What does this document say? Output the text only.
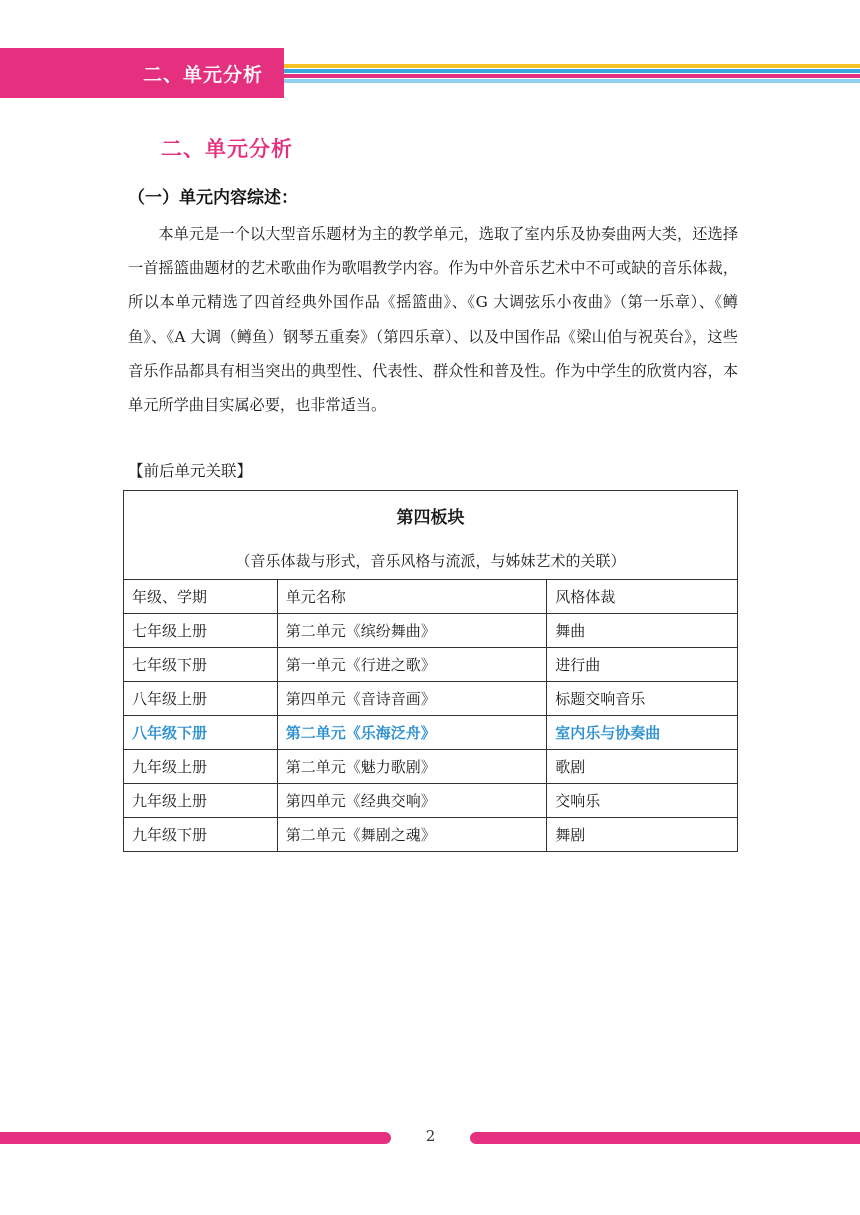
二、单元分析
二、单元分析
（一）单元内容综述：

本单元是一个以大型音乐题材为主的教学单元，选取了室内乐及协奏曲两大类，还选择一首摇篮曲题材的艺术歌曲作为歌唱教学内容。作为中外音乐艺术中不可或缺的音乐体裁，所以本单元精选了四首经典外国作品《摇篮曲》、《G 大调弦乐小夜曲》（第一乐章）、《鳟鱼》、《A 大调（鳟鱼）钢琴五重奏》（第四乐章）、以及中国作品《梁山伯与祝英台》，这些音乐作品都具有相当突出的典型性、代表性、群众性和普及性。作为中学生的欣赏内容，本单元所学曲目实属必要，也非常适当。

【前后单元关联】
第四板块
（音乐体裁与形式，音乐风格与流派，与姊妹艺术的关联）		

年级、学期	单元名称	风格体裁
七年级上册	第二单元《缤纷舞曲》	舞曲
七年级下册	第一单元《行进之歌》	进行曲
八年级上册	第四单元《音诗音画》	标题交响音乐
八年级下册	第二单元《乐海泛舟》	室内乐与协奏曲
九年级上册	第二单元《魅力歌剧》	歌剧
九年级上册	第四单元《经典交响》	交响乐
九年级下册	第二单元《舞剧之魂》	舞剧
2
